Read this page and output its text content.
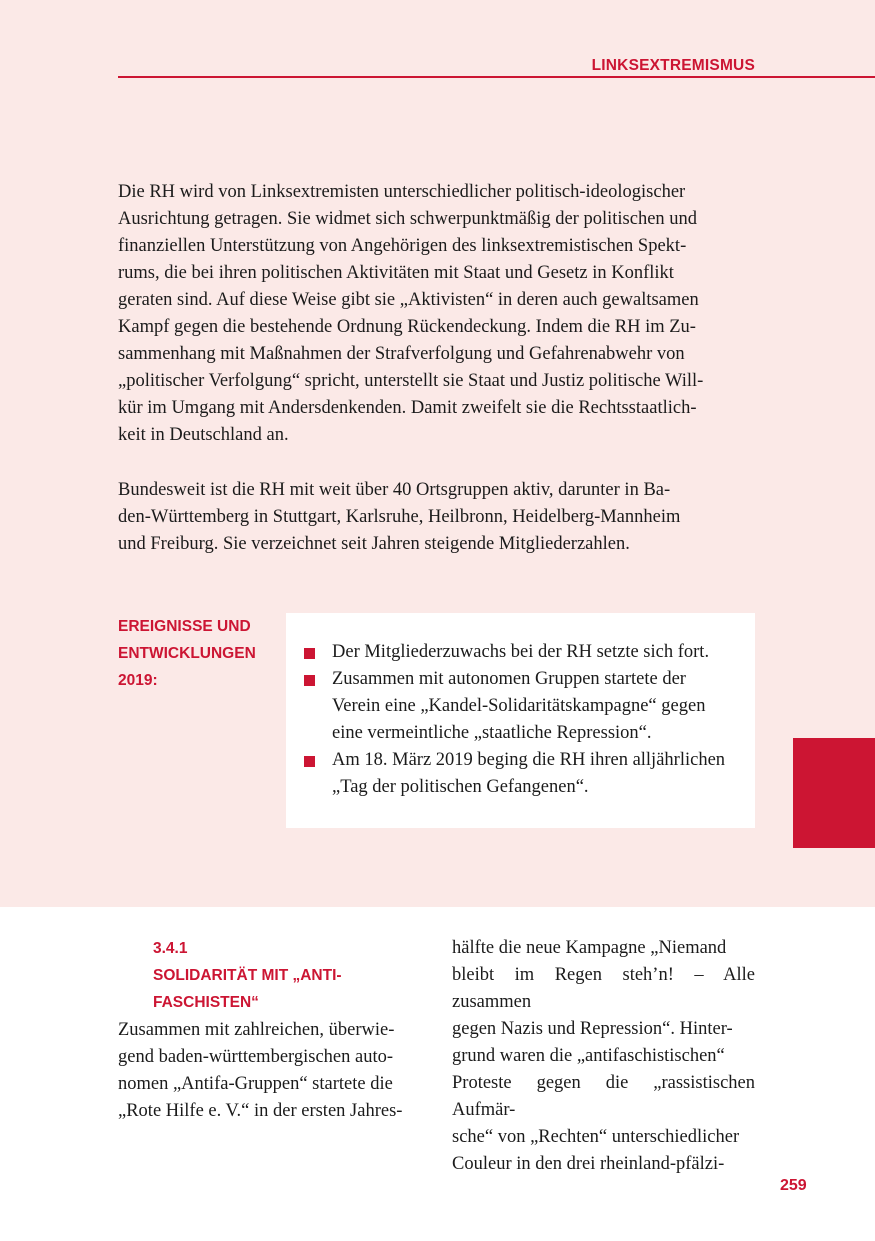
LINKSEXTREMISMUS
Die RH wird von Linksextremisten unterschiedlicher politisch-ideologischer
Ausrichtung getragen. Sie widmet sich schwerpunktmäßig der politischen und
finanziellen Unterstützung von Angehörigen des linksextremistischen Spekt-
rums, die bei ihren politischen Aktivitäten mit Staat und Gesetz in Konflikt
geraten sind. Auf diese Weise gibt sie „Aktivisten“ in deren auch gewaltsamen
Kampf gegen die bestehende Ordnung Rückendeckung. Indem die RH im Zu-
sammenhang mit Maßnahmen der Strafverfolgung und Gefahrenabwehr von
„politischer Verfolgung“ spricht, unterstellt sie Staat und Justiz politische Will-
kür im Umgang mit Andersdenkenden. Damit zweifelt sie die Rechtsstaatlich-
keit in Deutschland an.
Bundesweit ist die RH mit weit über 40 Ortsgruppen aktiv, darunter in Ba-
den-Württemberg in Stuttgart, Karlsruhe, Heilbronn, Heidelberg-Mannheim
und Freiburg. Sie verzeichnet seit Jahren steigende Mitgliederzahlen.
EREIGNISSE UND
ENTWICKLUNGEN
2019:
Der Mitgliederzuwachs bei der RH setzte sich fort.
Zusammen mit autonomen Gruppen startete der
Verein eine „Kandel-Solidaritätskampagne“ gegen
eine vermeintliche „staatliche Repression“.
Am 18. März 2019 beging die RH ihren alljährlichen
„Tag der politischen Gefangenen“.
3.4.1
SOLIDARITÄT MIT „ANTI-
FASCHISTEN“
Zusammen mit zahlreichen, überwie-
gend baden-württembergischen auto-
nomen „Antifa-Gruppen“ startete die
„Rote Hilfe e. V.“ in der ersten Jahres-
hälfte die neue Kampagne „Niemand
bleibt im Regen steh’n! – Alle zusammen
gegen Nazis und Repression“. Hinter-
grund waren die „antifaschistischen“
Proteste gegen die „rassistischen Aufmär-
sche“ von „Rechten“ unterschiedlicher
Couleur in den drei rheinland-pfälzi-
259
